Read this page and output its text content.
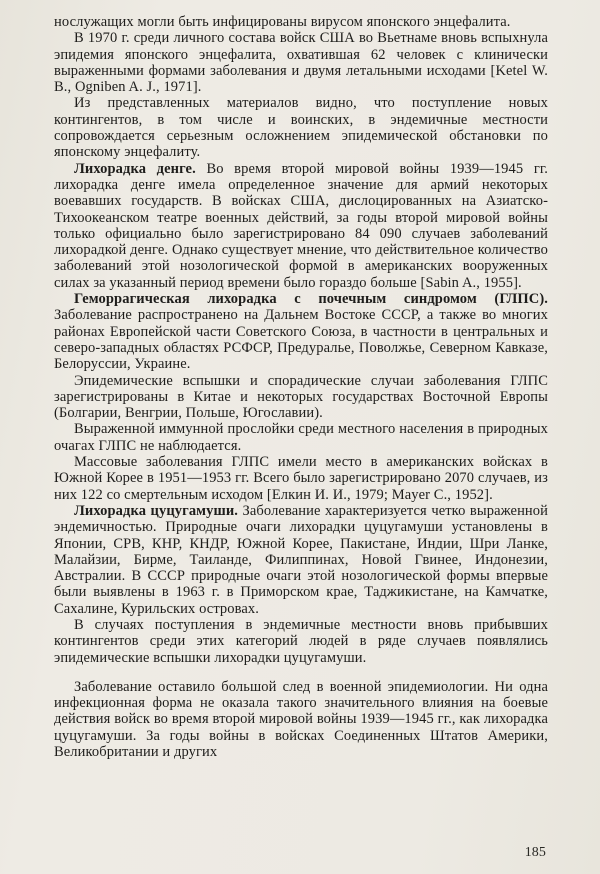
нослужащих могли быть инфицированы вирусом японского энцефалита.

В 1970 г. среди личного состава войск США во Вьетнаме вновь вспыхнула эпидемия японского энцефалита, охватившая 62 человек с клинически выраженными формами заболевания и двумя летальными исходами [Ketel W. B., Ogniben A. J., 1971].

Из представленных материалов видно, что поступление новых контингентов, в том числе и воинских, в эндемичные местности сопровождается серьезным осложнением эпидемической обстановки по японскому энцефалиту.

Лихорадка денге. Во время второй мировой войны 1939—1945 гг. лихорадка денге имела определенное значение для армий некоторых воевавших государств. В войсках США, дислоцированных на Азиатско-Тихоокеанском театре военных действий, за годы второй мировой войны только официально было зарегистрировано 84 090 случаев заболеваний лихорадкой денге. Однако существует мнение, что действительное количество заболеваний этой нозологической формой в американских вооруженных силах за указанный период времени было гораздо больше [Sabin A., 1955].

Геморрагическая лихорадка с почечным синдромом (ГЛПС). Заболевание распространено на Дальнем Востоке СССР, а также во многих районах Европейской части Советского Союза, в частности в центральных и северо-западных областях РСФСР, Предуралье, Поволжье, Северном Кавказе, Белоруссии, Украине.

Эпидемические вспышки и спорадические случаи заболевания ГЛПС зарегистрированы в Китае и некоторых государствах Восточной Европы (Болгарии, Венгрии, Польше, Югославии).

Выраженной иммунной прослойки среди местного населения в природных очагах ГЛПС не наблюдается.

Массовые заболевания ГЛПС имели место в американских войсках в Южной Корее в 1951—1953 гг. Всего было зарегистрировано 2070 случаев, из них 122 со смертельным исходом [Елкин И. И., 1979; Mayer C., 1952].

Лихорадка цуцугамуши. Заболевание характеризуется четко выраженной эндемичностью. Природные очаги лихорадки цуцугамуши установлены в Японии, СРВ, КНР, КНДР, Южной Корее, Пакистане, Индии, Шри Ланке, Малайзии, Бирме, Таиланде, Филиппинах, Новой Гвинее, Индонезии, Австралии. В СССР природные очаги этой нозологической формы впервые были выявлены в 1963 г. в Приморском крае, Таджикистане, на Камчатке, Сахалине, Курильских островах.

В случаях поступления в эндемичные местности вновь прибывших контингентов среди этих категорий людей в ряде случаев появлялись эпидемические вспышки лихорадки цуцугамуши.

Заболевание оставило большой след в военной эпидемиологии. Ни одна инфекционная форма не оказала такого значительного влияния на боевые действия войск во время второй мировой войны 1939—1945 гг., как лихорадка цуцугамуши. За годы войны в войсках Соединенных Штатов Америки, Великобритании и других

185
